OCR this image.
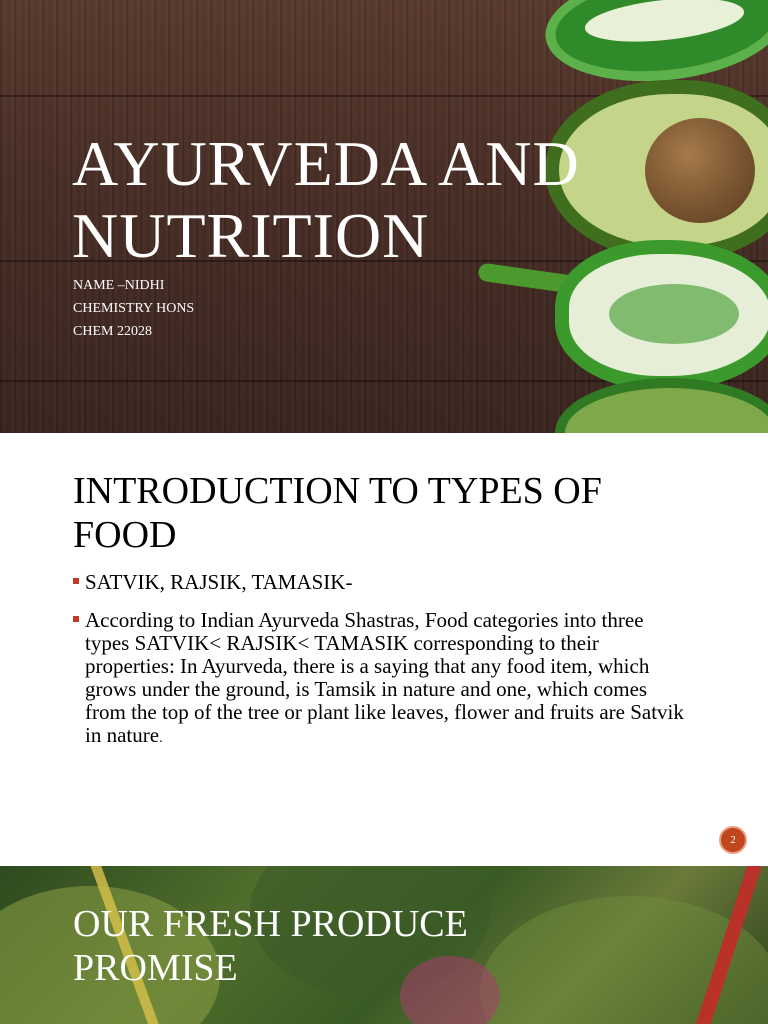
AYURVEDA AND
NUTRITION

NAME –NIDHI

CHEMISTRY HONS

CHEM 22028

INTRODUCTION TO TYPES OF
FOOD
SATVIK, RAJSIK, TAMASIK-
According to Indian Ayurveda Shastras, Food categories into three types SATVIK< RAJSIK< TAMASIK corresponding to their properties: In Ayurveda, there is a saying that any food item, which grows under the ground, is Tamsik in nature and one, which comes from the top of the tree or plant like leaves, flower and fruits are Satvik in nature.
2
OUR FRESH PRODUCE
PROMISE
